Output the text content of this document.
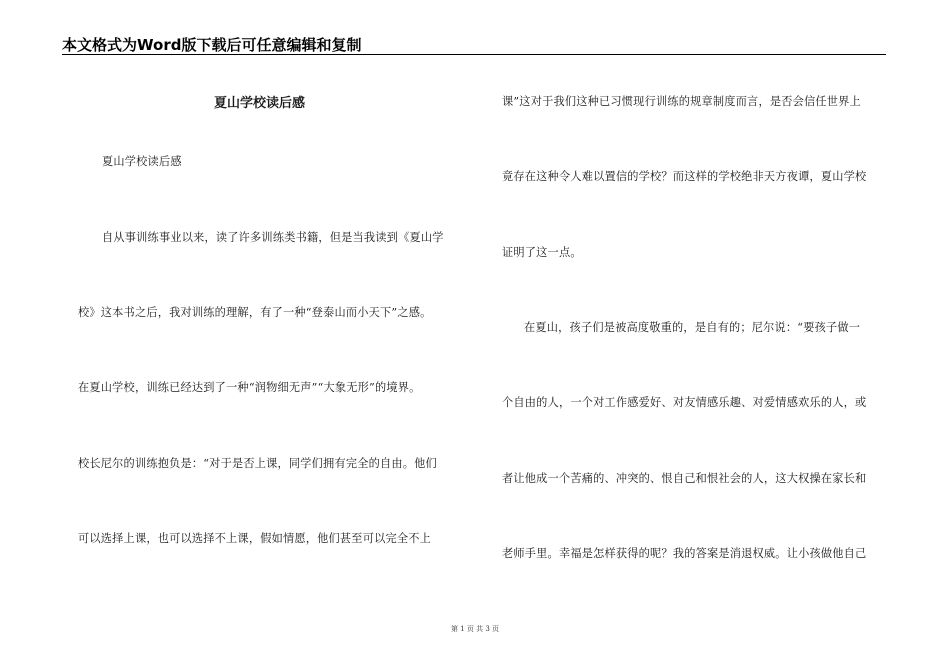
本文格式为Word版下载后可任意编辑和复制
夏山学校读后感
夏山学校读后感
自从事训练事业以来，读了许多训练类书籍，但是当我读到《夏山学
校》这本书之后，我对训练的理解，有了一种“登泰山而小天下”之感。
在夏山学校，训练已经达到了一种“润物细无声”“大象无形”的境界。
校长尼尔的训练抱负是：“对于是否上课，同学们拥有完全的自由。他们
可以选择上课，也可以选择不上课，假如情愿，他们甚至可以完全不上
课”这对于我们这种已习惯现行训练的规章制度而言，是否会信任世界上
竟存在这种令人难以置信的学校？而这样的学校绝非天方夜谭，夏山学校
证明了这一点。
在夏山，孩子们是被高度敬重的，是自有的；尼尔说：“要孩子做一
个自由的人，一个对工作感爱好、对友情感乐趣、对爱情感欢乐的人，或
者让他成一个苦痛的、冲突的、恨自己和恨社会的人，这大权操在家长和
老师手里。幸福是怎样获得的呢？我的答案是消退权威。让小孩做他自己
第 1 页 共 3 页
